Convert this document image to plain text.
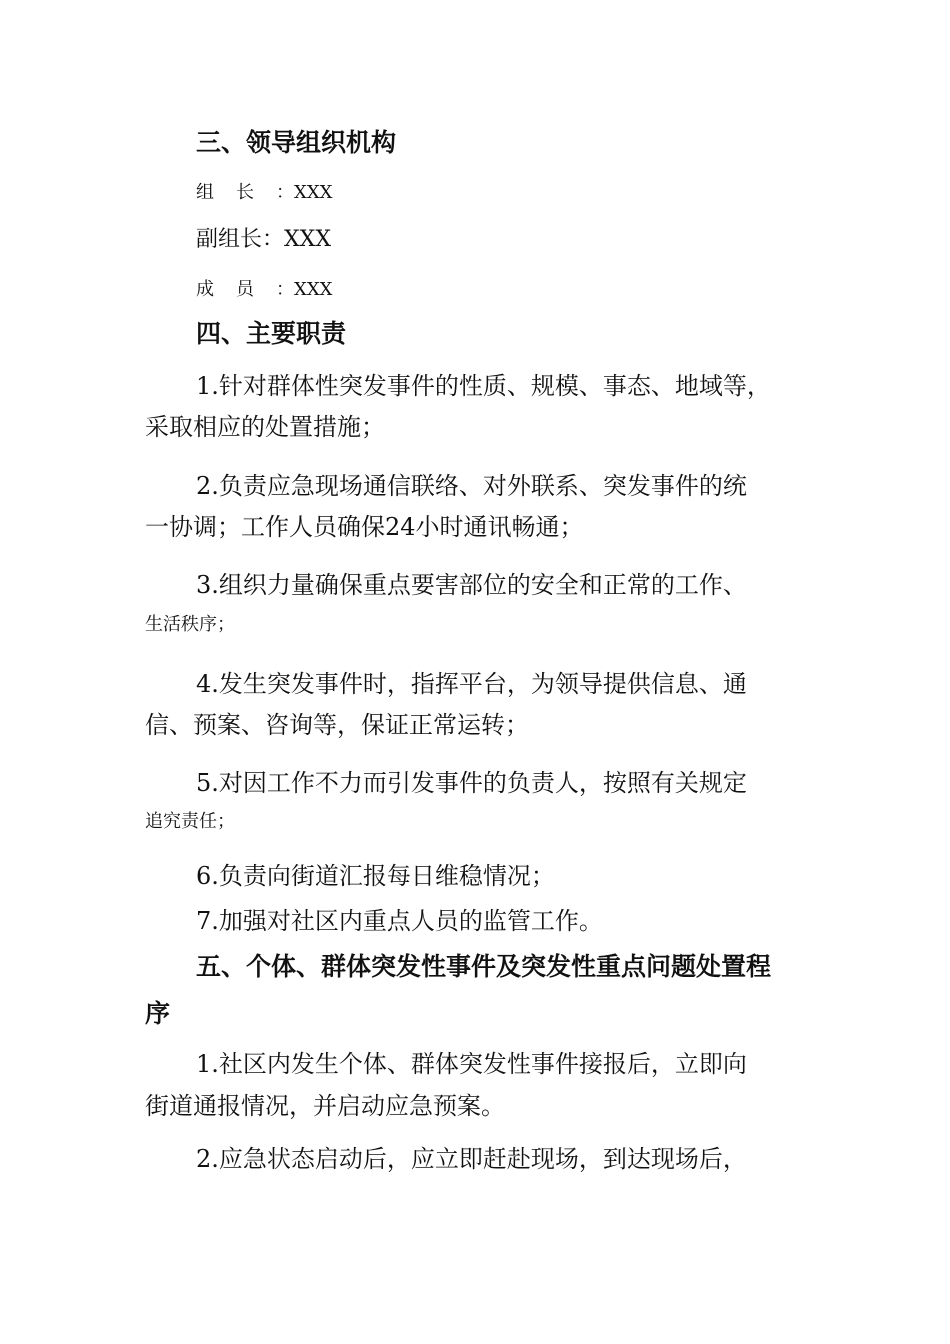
三、领导组织机构
组长：XXX
副组长：XXX
成员：XXX
四、主要职责
1.针对群体性突发事件的性质、规模、事态、地域等，
采取相应的处置措施；
2.负责应急现场通信联络、对外联系、突发事件的统
一协调；工作人员确保24小时通讯畅通；
3.组织力量确保重点要害部位的安全和正常的工作、
生活秩序；
4.发生突发事件时，指挥平台，为领导提供信息、通
信、预案、咨询等，保证正常运转；
5.对因工作不力而引发事件的负责人，按照有关规定
追究责任；
6.负责向街道汇报每日维稳情况；
7.加强对社区内重点人员的监管工作。
五、个体、群体突发性事件及突发性重点问题处置程
序
1.社区内发生个体、群体突发性事件接报后，立即向
街道通报情况，并启动应急预案。
2.应急状态启动后，应立即赶赴现场，到达现场后，
